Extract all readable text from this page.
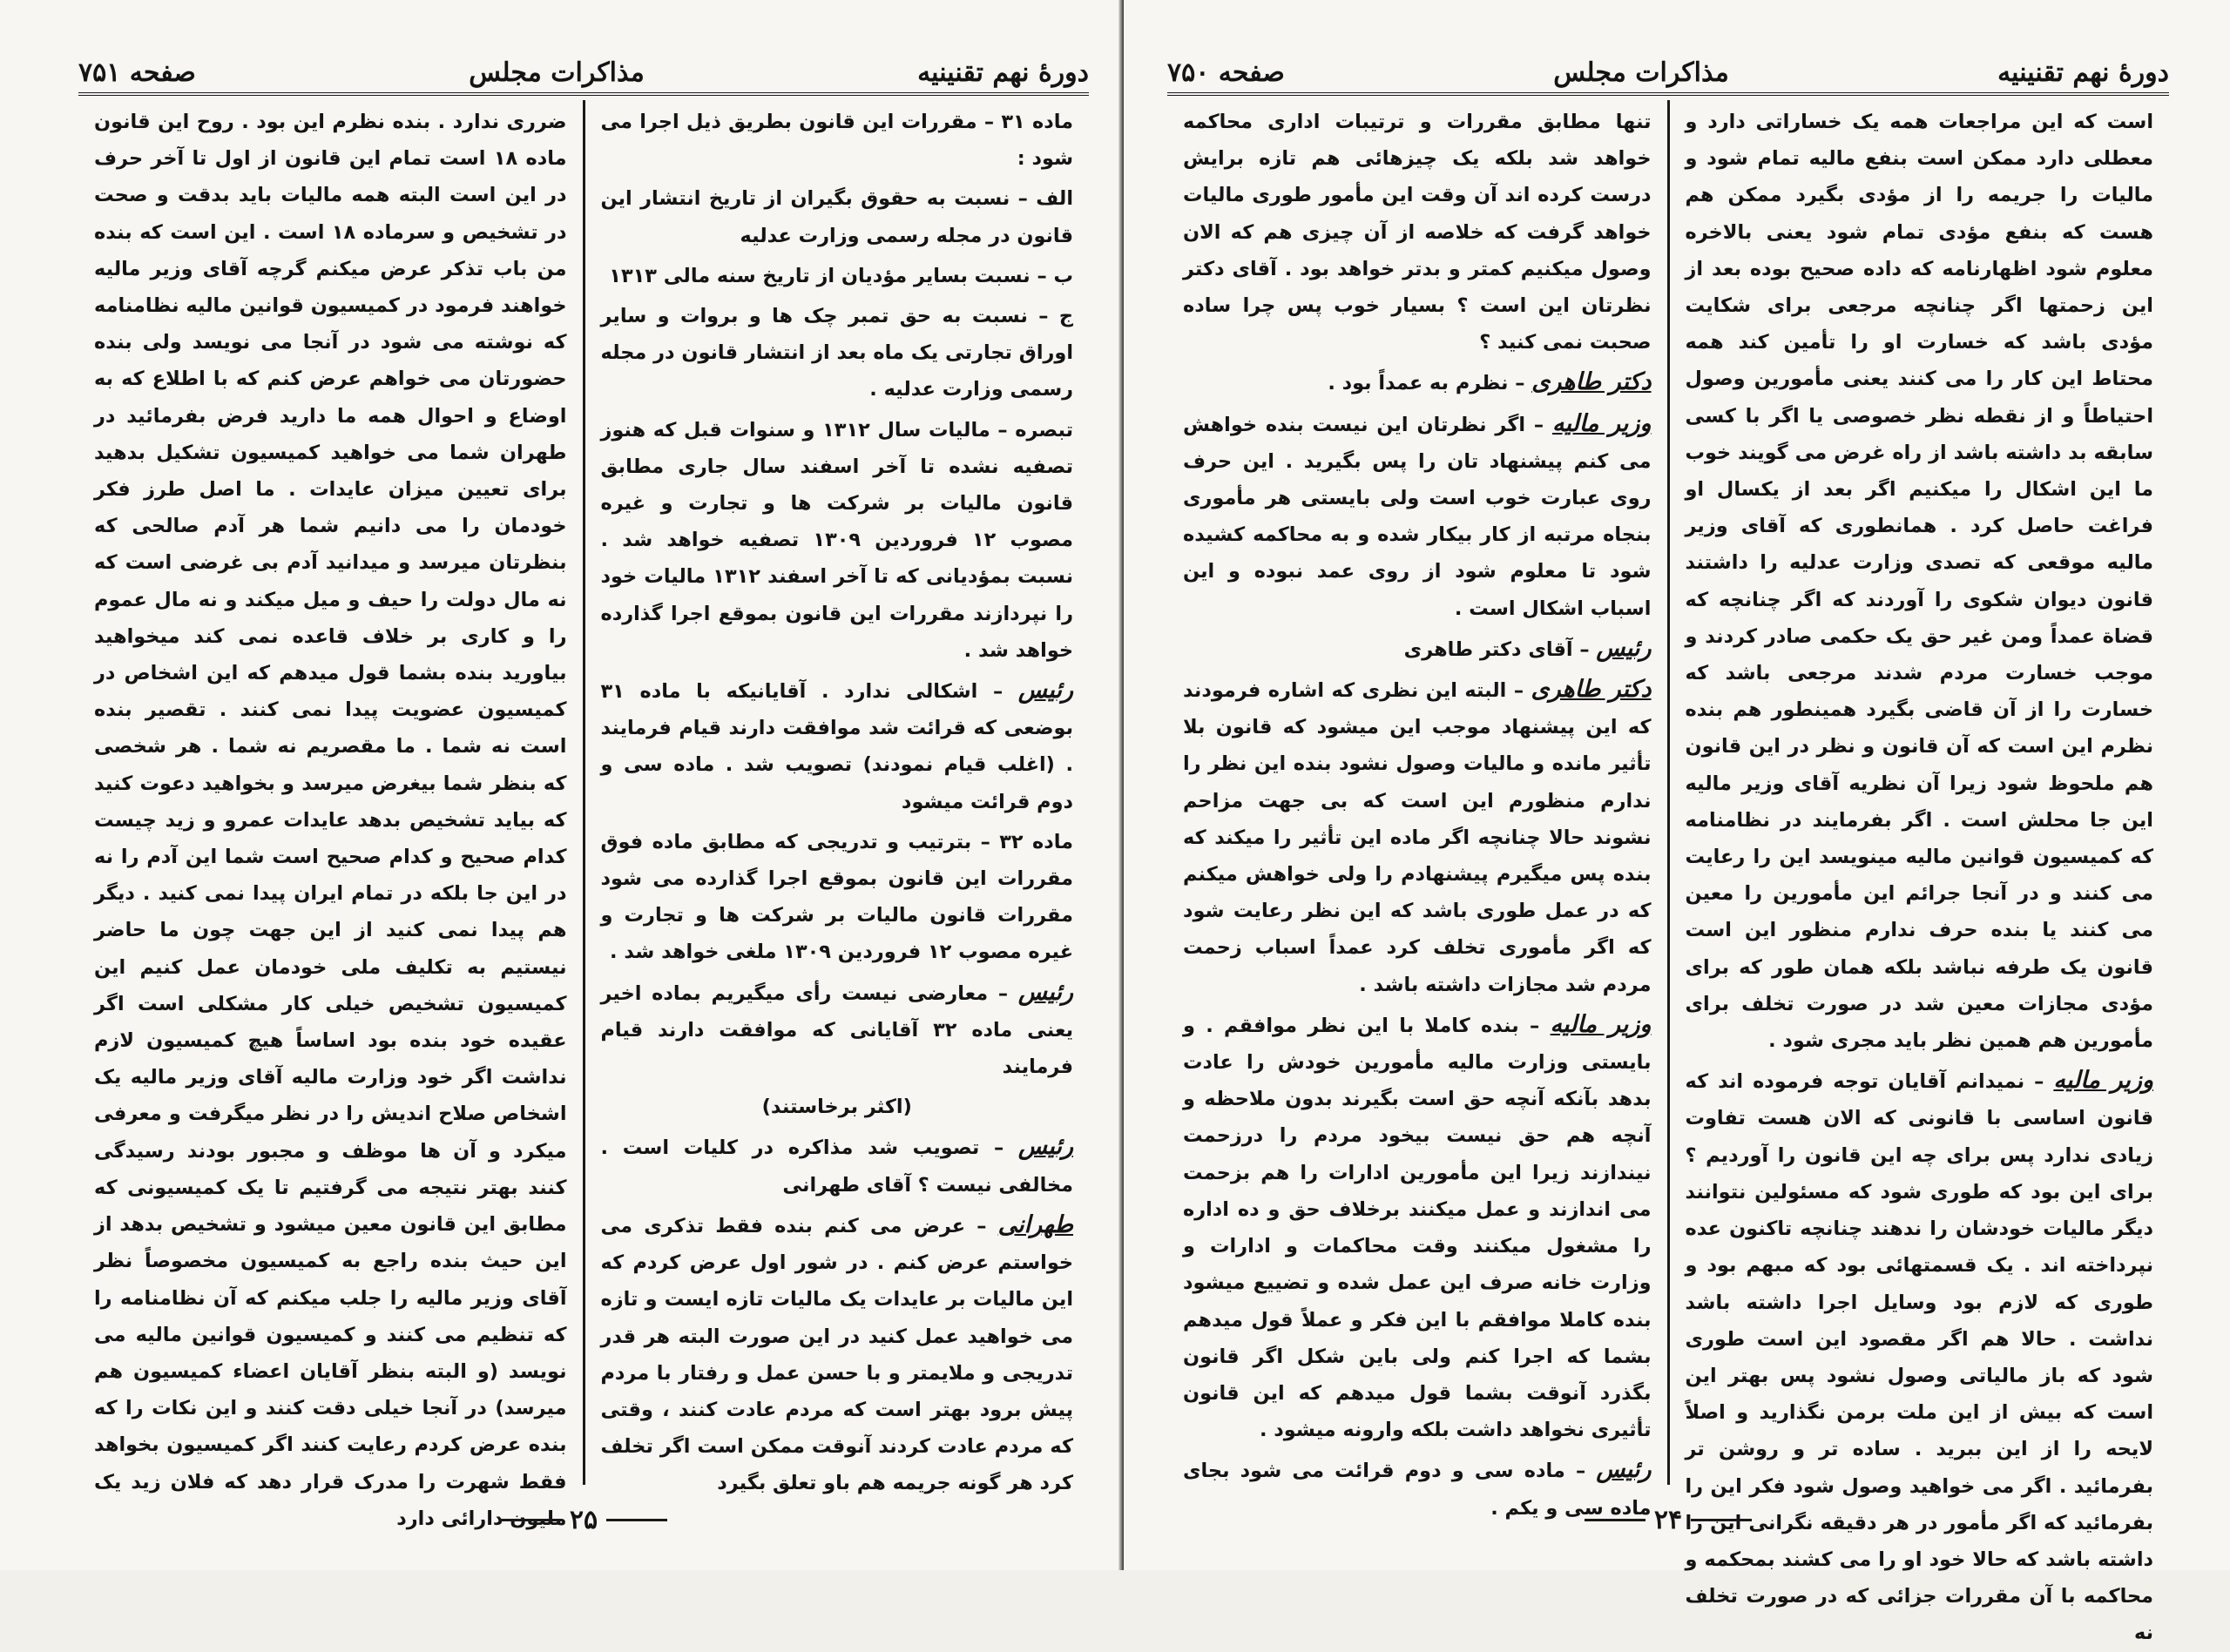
دورهٔ نهم تقنینیه
مذاکرات مجلس
صفحه ۷۵۱

ماده ۳۱ – مقررات این قانون بطریق ذیل اجرا می شود :

الف – نسبت به حقوق بگیران از تاریخ انتشار این قانون در مجله رسمی وزارت عدلیه

ب – نسبت بسایر مؤدیان از تاریخ سنه مالی ۱۳۱۳

ج – نسبت به حق تمبر چک ها و بروات و سایر اوراق تجارتی یک ماه بعد از انتشار قانون در مجله رسمی وزارت عدلیه .

تبصره – مالیات سال ۱۳۱۲ و سنوات قبل که هنوز تصفیه نشده تا آخر اسفند سال جاری مطابق قانون مالیات بر شرکت ها و تجارت و غیره مصوب ۱۲ فروردین ۱۳۰۹ تصفیه خواهد شد . نسبت بمؤدیانی که تا آخر اسفند ۱۳۱۲ مالیات خود را نپردازند مقررات این قانون بموقع اجرا گذارده خواهد شد .

رئیس – اشکالی ندارد . آقایانیکه با ماده ۳۱ بوضعی که قرائت شد موافقت دارند قیام فرمایند . (اغلب قیام نمودند) تصویب شد . ماده سی و دوم قرائت میشود

ماده ۳۲ – بترتیب و تدریجی که مطابق ماده فوق مقررات این قانون بموقع اجرا گذارده می شود مقررات قانون مالیات بر شرکت ها و تجارت و غیره مصوب ۱۲ فروردین ۱۳۰۹ ملغی خواهد شد .

رئیس – معارضی نیست رأی میگیریم بماده اخیر یعنی ماده ۳۲ آقایانی که موافقت دارند قیام فرمایند

(اکثر برخاستند)

رئیس – تصویب شد مذاکره در کلیات است . مخالفی نیست ؟ آقای طهرانی

طهرانی – عرض می کنم بنده فقط تذکری می خواستم عرض کنم . در شور اول عرض کردم که این مالیات بر عایدات یک مالیات تازه ایست و تازه می خواهید عمل کنید در این صورت البته هر قدر تدریجی و ملایمتر و با حسن عمل و رفتار با مردم پیش برود بهتر است که مردم عادت کنند ، وقتی که مردم عادت کردند آنوقت ممکن است اگر تخلف کرد هر گونه جریمه هم باو تعلق بگیرد

ضرری ندارد . بنده نظرم این بود . روح این قانون ماده ۱۸ است تمام این قانون از اول تا آخر حرف در این است البته همه مالیات باید بدقت و صحت در تشخیص و سرماده ۱۸ است . این است که بنده من باب تذکر عرض میکنم گرچه آقای وزیر مالیه خواهند فرمود در کمیسیون قوانین مالیه نظامنامه که نوشته می شود در آنجا می نویسد ولی بنده حضورتان می خواهم عرض کنم که با اطلاع که به اوضاع و احوال همه ما دارید فرض بفرمائید در طهران شما می خواهید کمیسیون تشکیل بدهید برای تعیین میزان عایدات . ما اصل طرز فکر خودمان را می دانیم شما هر آدم صالحی که بنظرتان میرسد و میدانید آدم بی غرضی است که نه مال دولت را حیف و میل میکند و نه مال عموم را و کاری بر خلاف قاعده نمی کند میخواهید بیاورید بنده بشما قول میدهم که این اشخاص در کمیسیون عضویت پیدا نمی کنند . تقصیر بنده است نه شما . ما مقصریم نه شما . هر شخصی که بنظر شما بیغرض میرسد و بخواهید دعوت کنید که بیاید تشخیص بدهد عایدات عمرو و زید چیست کدام صحیح و کدام صحیح است شما این آدم را نه در این جا بلکه در تمام ایران پیدا نمی کنید . دیگر هم پیدا نمی کنید از این جهت چون ما حاضر نیستیم به تکلیف ملی خودمان عمل کنیم این کمیسیون تشخیص خیلی کار مشکلی است اگر عقیده خود بنده بود اساساً هیچ کمیسیون لازم نداشت اگر خود وزارت مالیه آقای وزیر مالیه یک اشخاص صلاح اندیش را در نظر میگرفت و معرفی میکرد و آن ها موظف و مجبور بودند رسیدگی کنند بهتر نتیجه می گرفتیم تا یک کمیسیونی که مطابق این قانون معین میشود و تشخیص بدهد از این حیث بنده راجع به کمیسیون مخصوصاً نظر آقای وزیر مالیه را جلب میکنم که آن نظامنامه را که تنظیم می کنند و کمیسیون قوانین مالیه می نویسد (و البته بنظر آقایان اعضاء کمیسیون هم میرسد) در آنجا خیلی دقت کنند و این نکات را که بنده عرض کردم رعایت کنند اگر کمیسیون بخواهد فقط شهرت را مدرک قرار دهد که فلان زید یک ملیون دارائی دارد ۲۵
دورهٔ نهم تقنینیه
مذاکرات مجلس
صفحه ۷۵۰

است که این مراجعات همه یک خساراتی دارد و معطلی دارد ممکن است بنفع مالیه تمام شود و مالیات را جریمه را از مؤدی بگیرد ممکن هم هست که بنفع مؤدی تمام شود یعنی بالاخره معلوم شود اظهارنامه که داده صحیح بوده بعد از این زحمتها اگر چنانچه مرجعی برای شکایت مؤدی باشد که خسارت او را تأمین کند همه محتاط این کار را می کنند یعنی مأمورین وصول احتیاطاً و از نقطه نظر خصوصی یا اگر با کسی سابقه بد داشته باشد از راه غرض می گویند خوب ما این اشکال را میکنیم اگر بعد از یکسال او فراغت حاصل کرد . همانطوری که آقای وزیر مالیه موقعی که تصدی وزارت عدلیه را داشتند قانون دیوان شکوی را آوردند که اگر چنانچه که قضاة عمداً ومن غیر حق یک حکمی صادر کردند و موجب خسارت مردم شدند مرجعی باشد که خسارت را از آن قاضی بگیرد همینطور هم بنده نظرم این است که آن قانون و نظر در این قانون هم ملحوظ شود زیرا آن نظریه آقای وزیر مالیه این جا محلش است . اگر بفرمایند در نظامنامه که کمیسیون قوانین مالیه مینویسد این را رعایت می کنند و در آنجا جرائم این مأمورین را معین می کنند یا بنده حرف ندارم منظور این است قانون یک طرفه نباشد بلکه همان طور که برای مؤدی مجازات معین شد در صورت تخلف برای مأمورین هم همین نظر باید مجری شود .

وزیر مالیه – نمیدانم آقایان توجه فرموده اند که قانون اساسی با قانونی که الان هست تفاوت زیادی ندارد پس برای چه این قانون را آوردیم ؟ برای این بود که طوری شود که مسئولین نتوانند دیگر مالیات خودشان را ندهند چنانچه تاکنون عده نپرداخته اند . یک قسمتهائی بود که مبهم بود و طوری که لازم بود وسایل اجرا داشته باشد نداشت . حالا هم اگر مقصود این است طوری شود که باز مالیاتی وصول نشود پس بهتر این است که بیش از این ملت برمن نگذارید و اصلاً لایحه را از این ببرید . ساده تر و روشن تر بفرمائید . اگر می خواهید وصول شود فکر این را بفرمائید که اگر مأمور در هر دقیقه نگرانی این را داشته باشد که حالا خود او را می کشند بمحکمه و محاکمه با آن مقررات جزائی که در صورت تخلف نه

تنها مطابق مقررات و ترتیبات اداری محاکمه خواهد شد بلکه یک چیزهائی هم تازه برایش درست کرده اند آن وقت این مأمور طوری مالیات خواهد گرفت که خلاصه از آن چیزی هم که الان وصول میکنیم کمتر و بدتر خواهد بود . آقای دکتر نظرتان این است ؟ بسیار خوب پس چرا ساده صحبت نمی کنید ؟

دکتر طاهری – نظرم به عمداً بود .

وزیر مالیه – اگر نظرتان این نیست بنده خواهش می کنم پیشنهاد تان را پس بگیرید . این حرف روی عبارت خوب است ولی بایستی هر مأموری بنجاه مرتبه از کار بیکار شده و به محاکمه کشیده شود تا معلوم شود از روی عمد نبوده و این اسباب اشکال است .

رئیس – آقای دکتر طاهری

دکتر طاهری – البته این نظری که اشاره فرمودند که این پیشنهاد موجب این میشود که قانون بلا تأثیر مانده و مالیات وصول نشود بنده این نظر را ندارم منظورم این است که بی جهت مزاحم نشوند حالا چنانچه اگر ماده این تأثیر را میکند که بنده پس میگیرم پیشنهادم را ولی خواهش میکنم که در عمل طوری باشد که این نظر رعایت شود که اگر مأموری تخلف کرد عمداً اسباب زحمت مردم شد مجازات داشته باشد .

وزیر مالیه – بنده کاملا با این نظر موافقم . و بایستی وزارت مالیه مأمورین خودش را عادت بدهد بآنکه آنچه حق است بگیرند بدون ملاحظه و آنچه هم حق نیست بیخود مردم را درزحمت نیندازند زیرا این مأمورین ادارات را هم بزحمت می اندازند و عمل میکنند برخلاف حق و ده اداره را مشغول میکنند وقت محاکمات و ادارات و وزارت خانه صرف این عمل شده و تضییع میشود بنده کاملا موافقم با این فکر و عملاً قول میدهم بشما که اجرا کنم ولی باین شکل اگر قانون بگذرد آنوقت بشما قول میدهم که این قانون تأثیری نخواهد داشت بلکه وارونه میشود .

رئیس – ماده سی و دوم قرائت می شود بجای ماده سی و یکم . ۲۴
